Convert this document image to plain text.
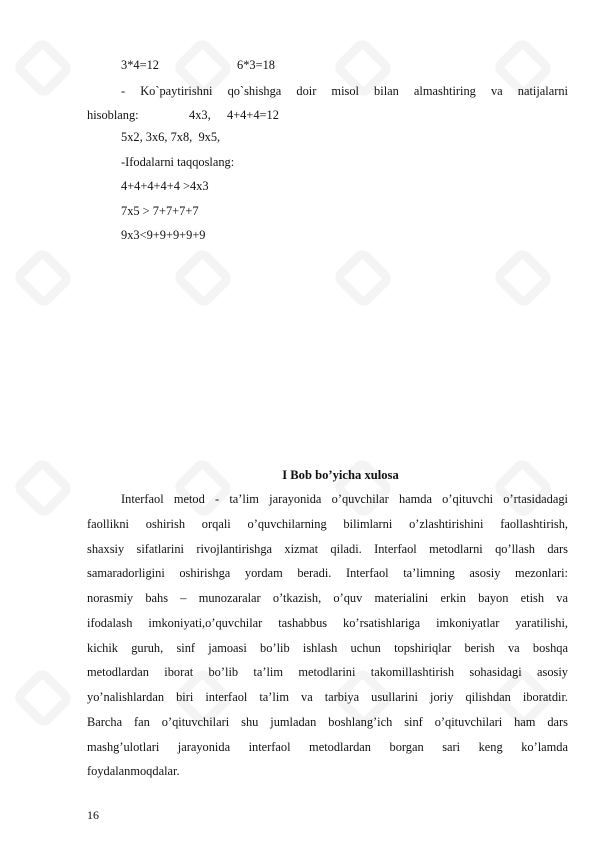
3*4=12	6*3=18
- Ko`paytirishni qo`shishga doir misol bilan almashtiring va natijalarni
hisoblang:	4x3, 4+4+4=12
5x2, 3x6, 7x8,  9x5,
-Ifodalarni taqqoslang:
4+4+4+4+4 >4x3
7x5 > 7+7+7+7
9x3<9+9+9+9+9
I Bob bo’yicha xulosa
Interfaol metod - ta’lim jarayonida o’quvchilar hamda o’qituvchi o’rtasidadagi
faollikni oshirish orqali o’quvchilarning bilimlarni o’zlashtirishini faollashtirish,
shaxsiy sifatlarini rivojlantirishga xizmat qiladi. Interfaol metodlarni qo’llash dars
samaradorligini oshirishga yordam beradi. Interfaol ta’limning asosiy mezonlari:
norasmiy bahs – munozaralar o’tkazish, o’quv materialini erkin bayon etish va
ifodalash imkoniyati,o’quvchilar tashabbus ko’rsatishlariga imkoniyatlar yaratilishi,
kichik guruh, sinf jamoasi bo’lib ishlash uchun topshiriqlar berish va boshqa
metodlardan iborat bo’lib ta’lim metodlarini takomillashtirish sohasidagi asosiy
yo’nalishlardan biri interfaol ta’lim va tarbiya usullarini joriy qilishdan iboratdir.
Barcha fan o’qituvchilari shu jumladan boshlang’ich sinf o’qituvchilari ham dars
mashg’ulotlari jarayonida interfaol metodlardan borgan sari keng ko’lamda
foydalanmoqdalar.
16
